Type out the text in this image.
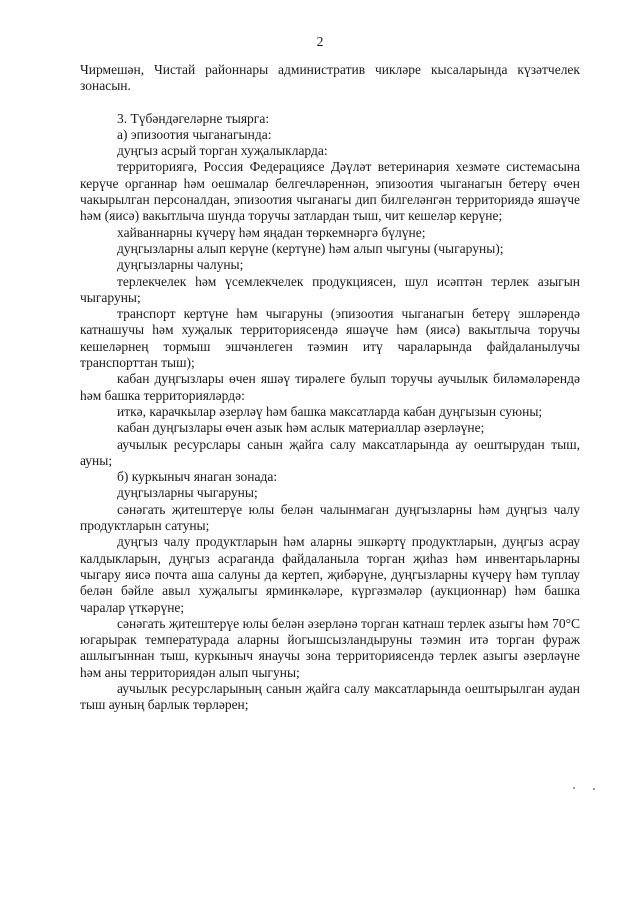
2

Чирмешән, Чистай районнары административ чикләре кысаларында күзәтчелек зонасын.

3. Түбәндәгеләрне тыярга:

а) эпизоотия чыганагында:

дуңгыз асрый торган хуҗалыкларда:

территориягә, Россия Федерациясе Дәүләт ветеринария хезмәте системасына керүче органнар һәм оешмалар белгечләреннән, эпизоотия чыганагын бетерү өчен чакырылган персоналдан, эпизоотия чыганагы дип билгеләнгән территориядә яшәүче һәм (яисә) вакытлыча шунда торучы затлардан тыш, чит кешеләр керүне;

хайваннарны күчерү һәм яңадан төркемнәргә бүлүне;

дуңгызларны алып керүне (кертүне) һәм алып чыгуны (чыгаруны);

дуңгызларны чалуны;

терлекчелек һәм үсемлекчелек продукциясен, шул исәптән терлек азыгын чыгаруны;

транспорт кертүне һәм чыгаруны (эпизоотия чыганагын бетерү эшләрендә катнашучы һәм хуҗалык территориясендә яшәүче һәм (яисә) вакытлыча торучы кешеләрнең тормыш эшчәнлеген тәэмин итү чараларында файдаланылучы транспорттан тыш);

кабан дуңгызлары өчен яшәү тирәлеге булып торучы аучылык биләмәләрендә һәм башка территорияләрдә:

иткә, карачкылар әзерләү һәм башка максатларда кабан дуңгызын суюны;

кабан дуңгызлары өчен азык һәм аслык материаллар әзерләүне;

аучылык ресурслары санын җайга салу максатларында ау оештырудан тыш, ауны;

б) куркыныч янаган зонада:

дуңгызларны чыгаруны;

сәнәгать җитештерүе юлы белән чалынмаган дуңгызларны һәм дуңгыз чалу продуктларын сатуны;

дуңгыз чалу продуктларын һәм аларны эшкәртү продуктларын, дуңгыз асрау калдыкларын, дуңгыз асраганда файдаланыла торган җиһаз һәм инвентарьларны чыгару яисә почта аша салуны да кертеп, җибәрүне, дуңгызларны күчерү һәм туплау белән бәйле авыл хуҗалыгы ярминкәләре, күргәзмәләр (аукционнар) һәм башка чаралар үткәрүне;

сәнәгать җитештерүе юлы белән әзерләнә торган катнаш терлек азыгы һәм 70°С югарырак температурада аларны йогышсызландыруны тәэмин итә торган фураж ашлыгыннан тыш, куркыныч янаучы зона территориясендә терлек азыгы әзерләүне һәм аны территориядән алып чыгуны;

аучылык ресурсларының санын җайга салу максатларында оештырылган аудан тыш ауның барлык төрләрен;
